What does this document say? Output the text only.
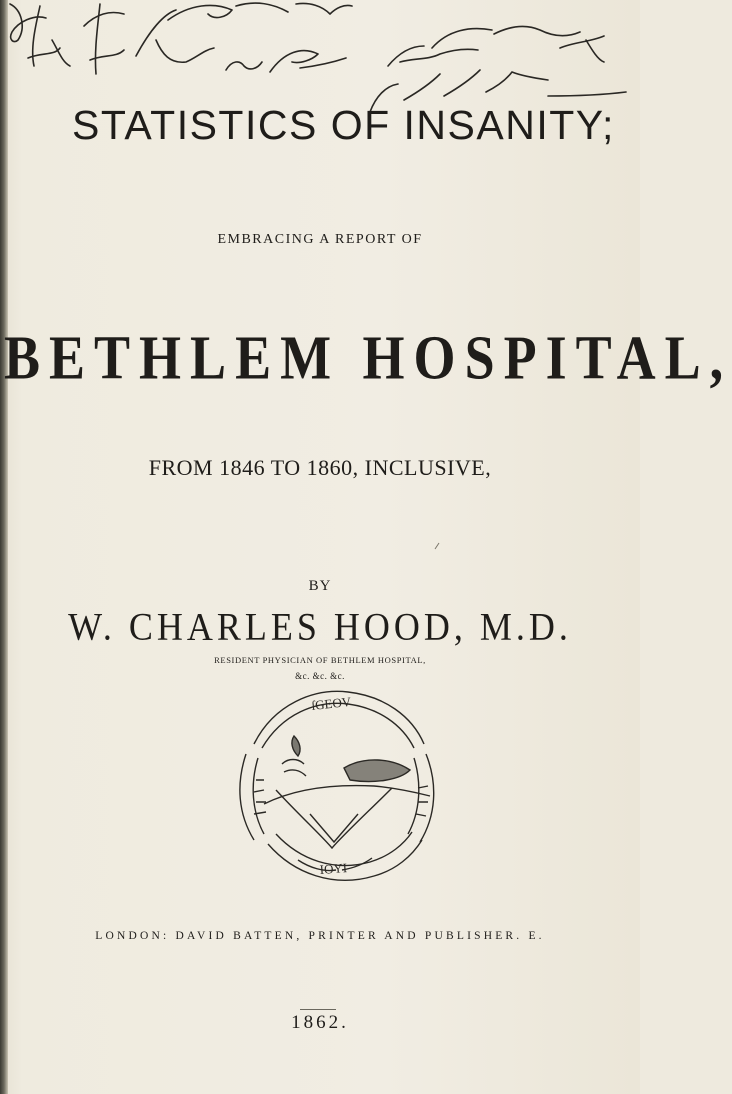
STATISTICS OF INSANITY;
EMBRACING A REPORT OF
BETHLEM HOSPITAL,
FROM 1846 TO 1860, INCLUSIVE,
BY
W. CHARLES HOOD, M.D.
RESIDENT PHYSICIAN OF BETHLEM HOSPITAL,
&c. &c. &c.
ſGEOV
IOYI
LONDON: DAVID BATTEN, PRINTER AND PUBLISHER. E.
1862.
